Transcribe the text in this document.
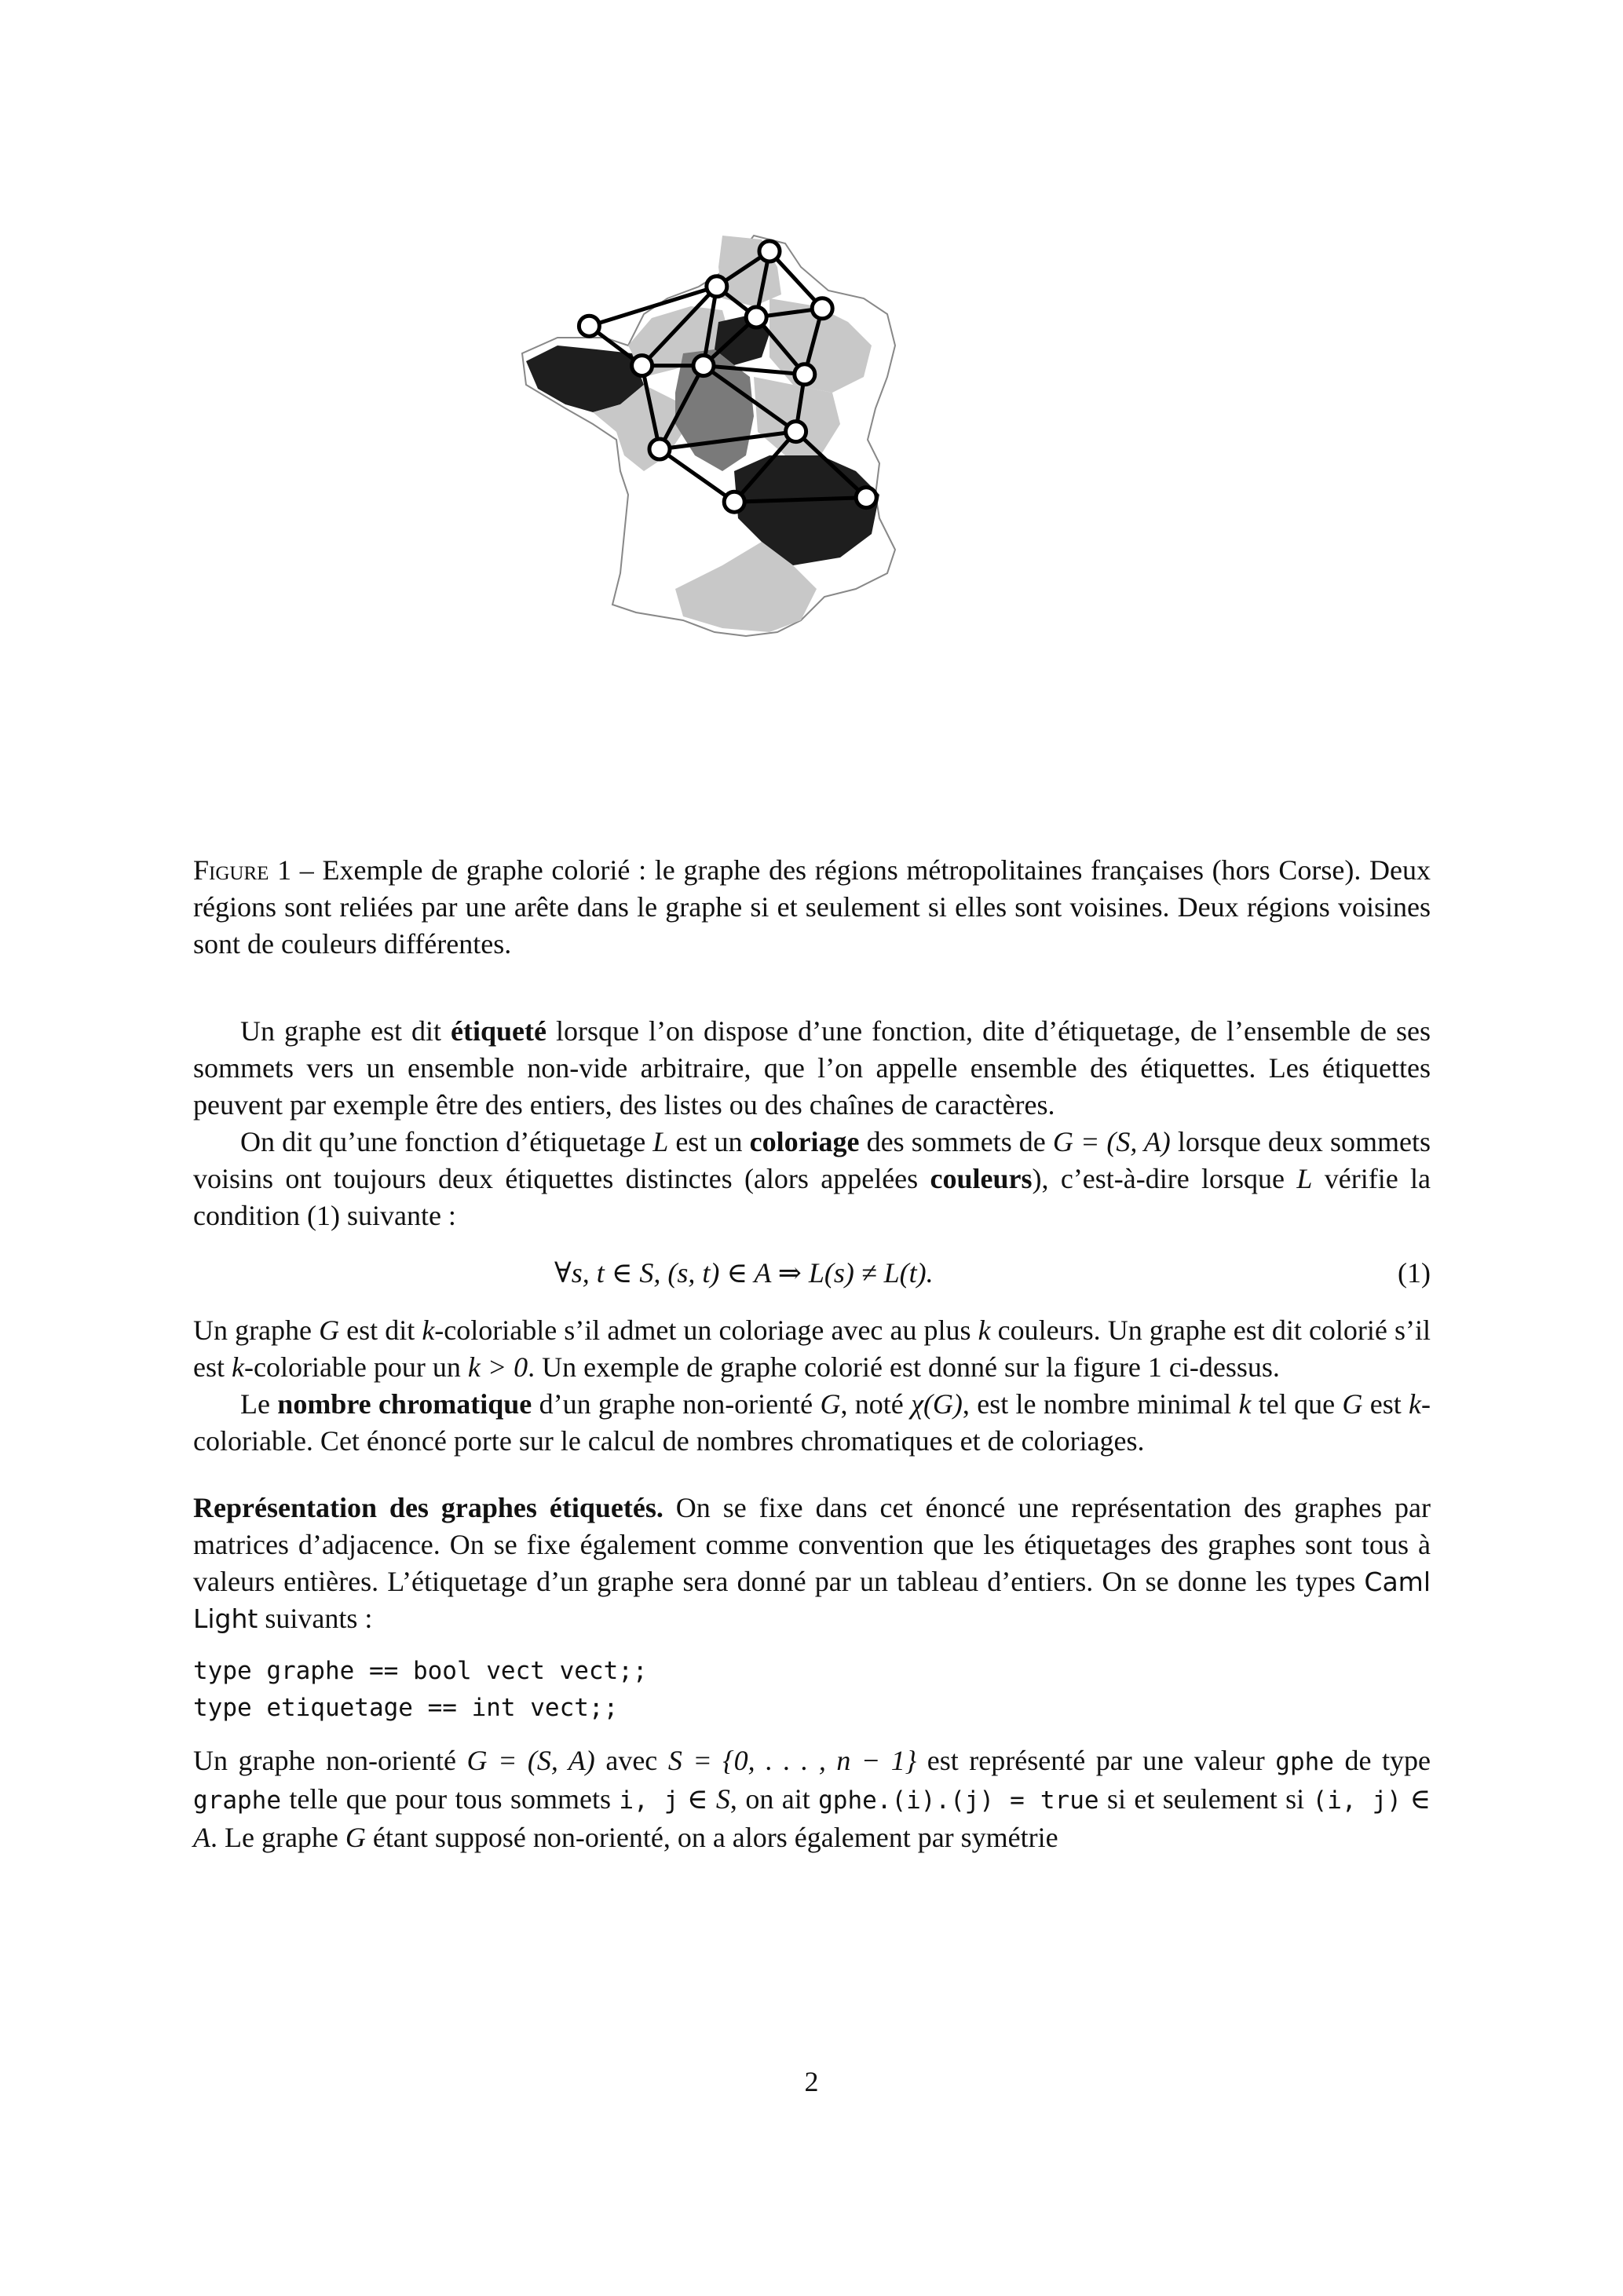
Figure 1 – Exemple de graphe colorié : le graphe des régions métropolitaines françaises (hors Corse). Deux régions sont reliées par une arête dans le graphe si et seulement si elles sont voisines. Deux régions voisines sont de couleurs différentes.

Un graphe est dit étiqueté lorsque l’on dispose d’une fonction, dite d’étiquetage, de l’ensemble de ses sommets vers un ensemble non-vide arbitraire, que l’on appelle ensemble des étiquettes. Les étiquettes peuvent par exemple être des entiers, des listes ou des chaînes de caractères.

On dit qu’une fonction d’étiquetage L est un coloriage des sommets de G = (S, A) lorsque deux sommets voisins ont toujours deux étiquettes distinctes (alors appelées couleurs), c’est-à-dire lorsque L vérifie la condition (1) suivante :

∀s, t ∈ S, (s, t) ∈ A ⇒ L(s) ≠ L(t).	(1)

Un graphe G est dit k-coloriable s’il admet un coloriage avec au plus k couleurs. Un graphe est dit colorié s’il est k-coloriable pour un k > 0. Un exemple de graphe colorié est donné sur la figure 1 ci-dessus.

Le nombre chromatique d’un graphe non-orienté G, noté χ(G), est le nombre minimal k tel que G est k-coloriable. Cet énoncé porte sur le calcul de nombres chromatiques et de coloriages.

Représentation des graphes étiquetés. On se fixe dans cet énoncé une représentation des graphes par matrices d’adjacence. On se fixe également comme convention que les étiquetages des graphes sont tous à valeurs entières. L’étiquetage d’un graphe sera donné par un tableau d’entiers. On se donne les types Caml Light suivants :

type graphe == bool vect vect;;
type etiquetage == int vect;;

Un graphe non-orienté G = (S, A) avec S = {0, . . . , n − 1} est représenté par une valeur gphe de type graphe telle que pour tous sommets i, j ∈ S, on ait gphe.(i).(j) = true si et seulement si (i, j) ∈ A. Le graphe G étant supposé non-orienté, on a alors également par symétrie

2
